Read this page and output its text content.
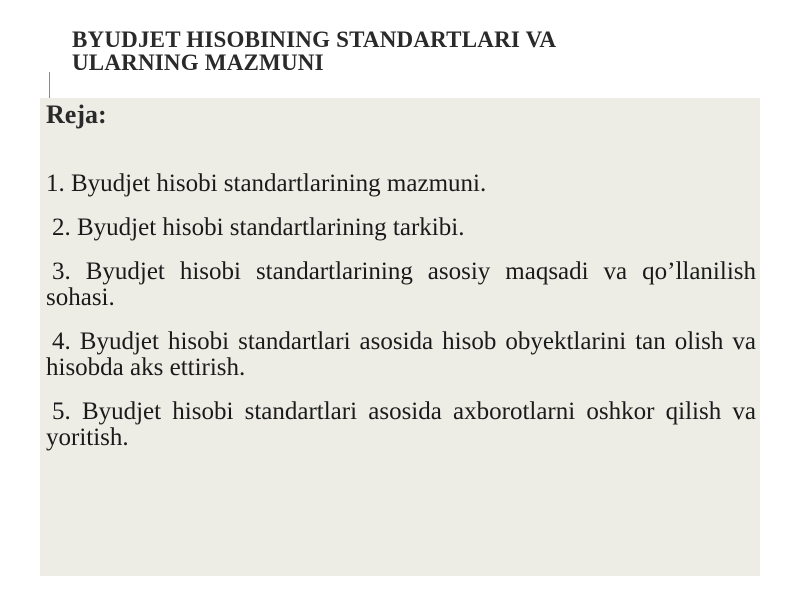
BYUDJET HISOBINING STANDARTLARI VA
ULARNING MAZMUNI
Reja:
1. Byudjet hisobi standartlarining mazmuni.
2. Byudjet hisobi standartlarining tarkibi.
3. Byudjet hisobi standartlarining asosiy maqsadi va qo’llanilish sohasi.
4. Byudjet hisobi standartlari asosida hisob obyektlarini tan olish va hisobda aks ettirish.
5. Byudjet hisobi standartlari asosida axborotlarni oshkor qilish va yoritish.
